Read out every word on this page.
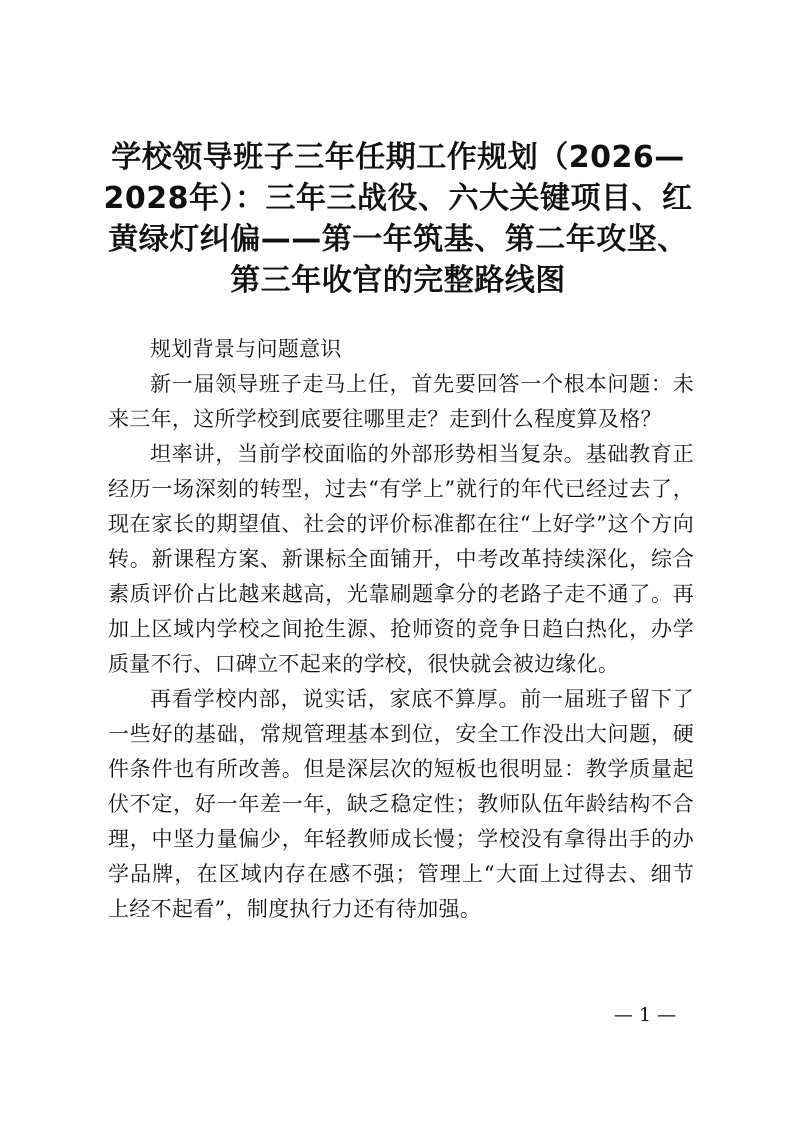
学校领导班子三年任期工作规划（2026—2028年）：三年三战役、六大关键项目、红黄绿灯纠偏——第一年筑基、第二年攻坚、第三年收官的完整路线图

规划背景与问题意识

新一届领导班子走马上任，首先要回答一个根本问题：未来三年，这所学校到底要往哪里走？走到什么程度算及格？

坦率讲，当前学校面临的外部形势相当复杂。基础教育正经历一场深刻的转型，过去“有学上”就行的年代已经过去了，现在家长的期望值、社会的评价标准都在往“上好学”这个方向转。新课程方案、新课标全面铺开，中考改革持续深化，综合素质评价占比越来越高，光靠刷题拿分的老路子走不通了。再加上区域内学校之间抢生源、抢师资的竞争日趋白热化，办学质量不行、口碑立不起来的学校，很快就会被边缘化。

再看学校内部，说实话，家底不算厚。前一届班子留下了一些好的基础，常规管理基本到位，安全工作没出大问题，硬件条件也有所改善。但是深层次的短板也很明显：教学质量起伏不定，好一年差一年，缺乏稳定性；教师队伍年龄结构不合理，中坚力量偏少，年轻教师成长慢；学校没有拿得出手的办学品牌，在区域内存在感不强；管理上“大面上过得去、细节上经不起看”，制度执行力还有待加强。

— 1 —
